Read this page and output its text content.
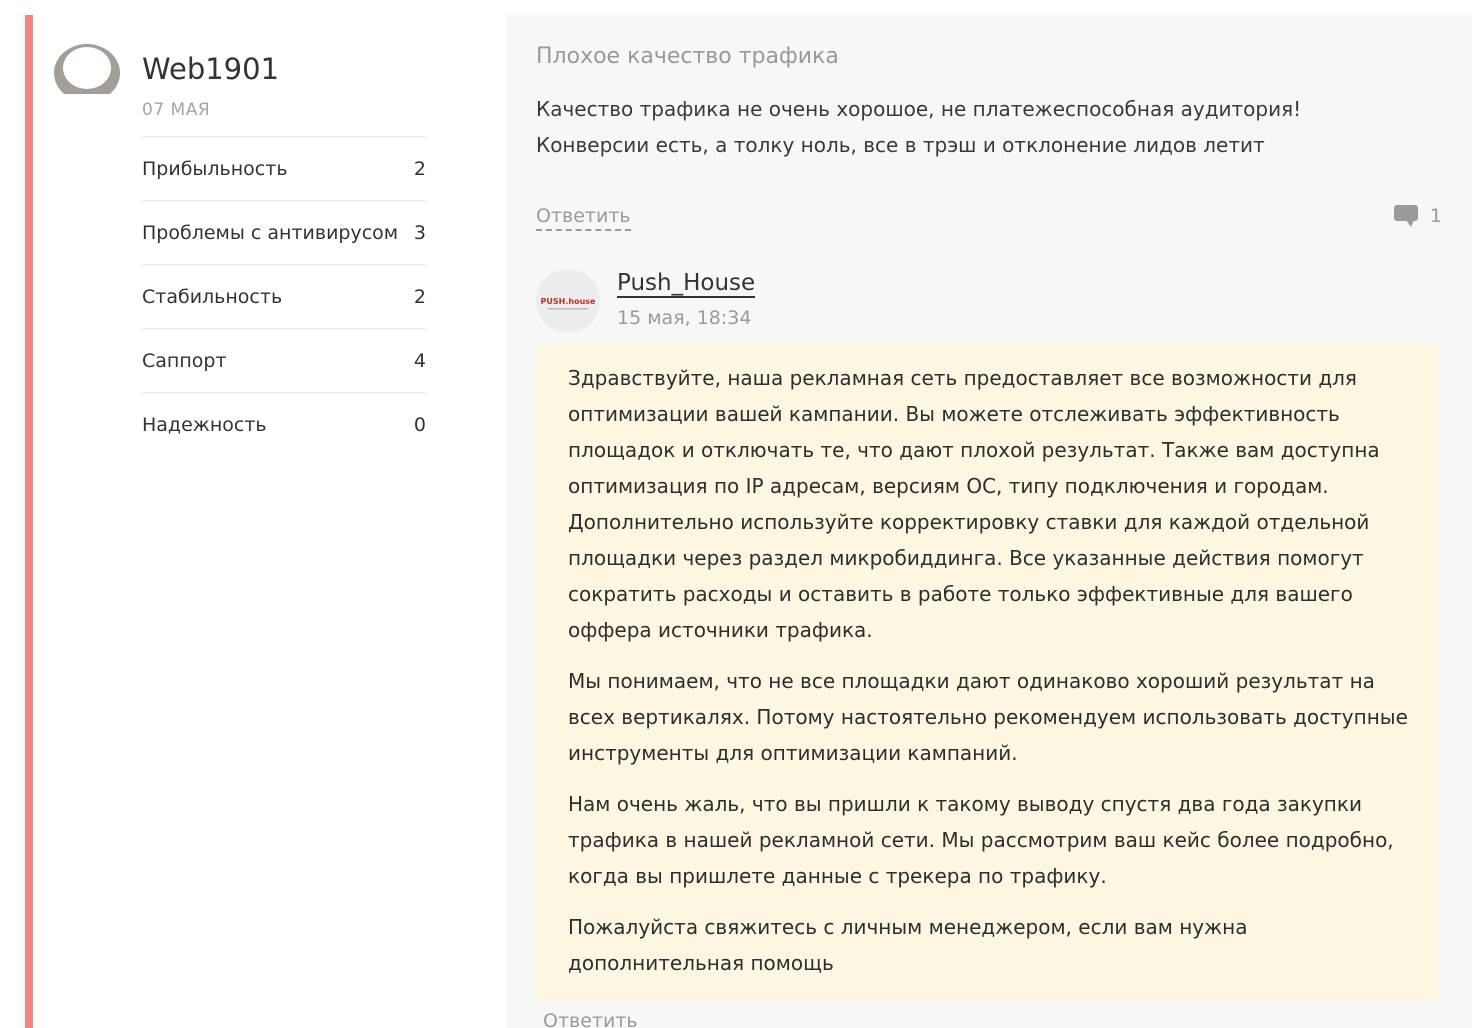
Web1901
07 МАЯ
Прибыльность	2
Проблемы с антивирусом 3
Стабильность	2
Саппорт	4
Надежность	0
Плохое качество трафика

Качество трафика не очень хорошое, не платежеспособная аудитория!
Конверсии есть, а толку ноль, все в трэш и отклонение лидов летит

Ответить	1
PUSH.house
Push_House
15 мая, 18:34

Здравствуйте, наша рекламная сеть предоставляет все возможности для оптимизации вашей кампании. Вы можете отслеживать эффективность площадок и отключать те, что дают плохой результат. Также вам доступна оптимизация по IP адресам, версиям ОС, типу подключения и городам. Дополнительно используйте корректировку ставки для каждой отдельной площадки через раздел микробиддинга. Все указанные действия помогут сократить расходы и оставить в работе только эффективные для вашего оффера источники трафика.

Мы понимаем, что не все площадки дают одинаково хороший результат на всех вертикалях. Потому настоятельно рекомендуем использовать доступные инструменты для оптимизации кампаний.

Нам очень жаль, что вы пришли к такому выводу спустя два года закупки трафика в нашей рекламной сети. Мы рассмотрим ваш кейс более подробно, когда вы пришлете данные с трекера по трафику.

Пожалуйста свяжитесь с личным менеджером, если вам нужна дополнительная помощь

Ответить
